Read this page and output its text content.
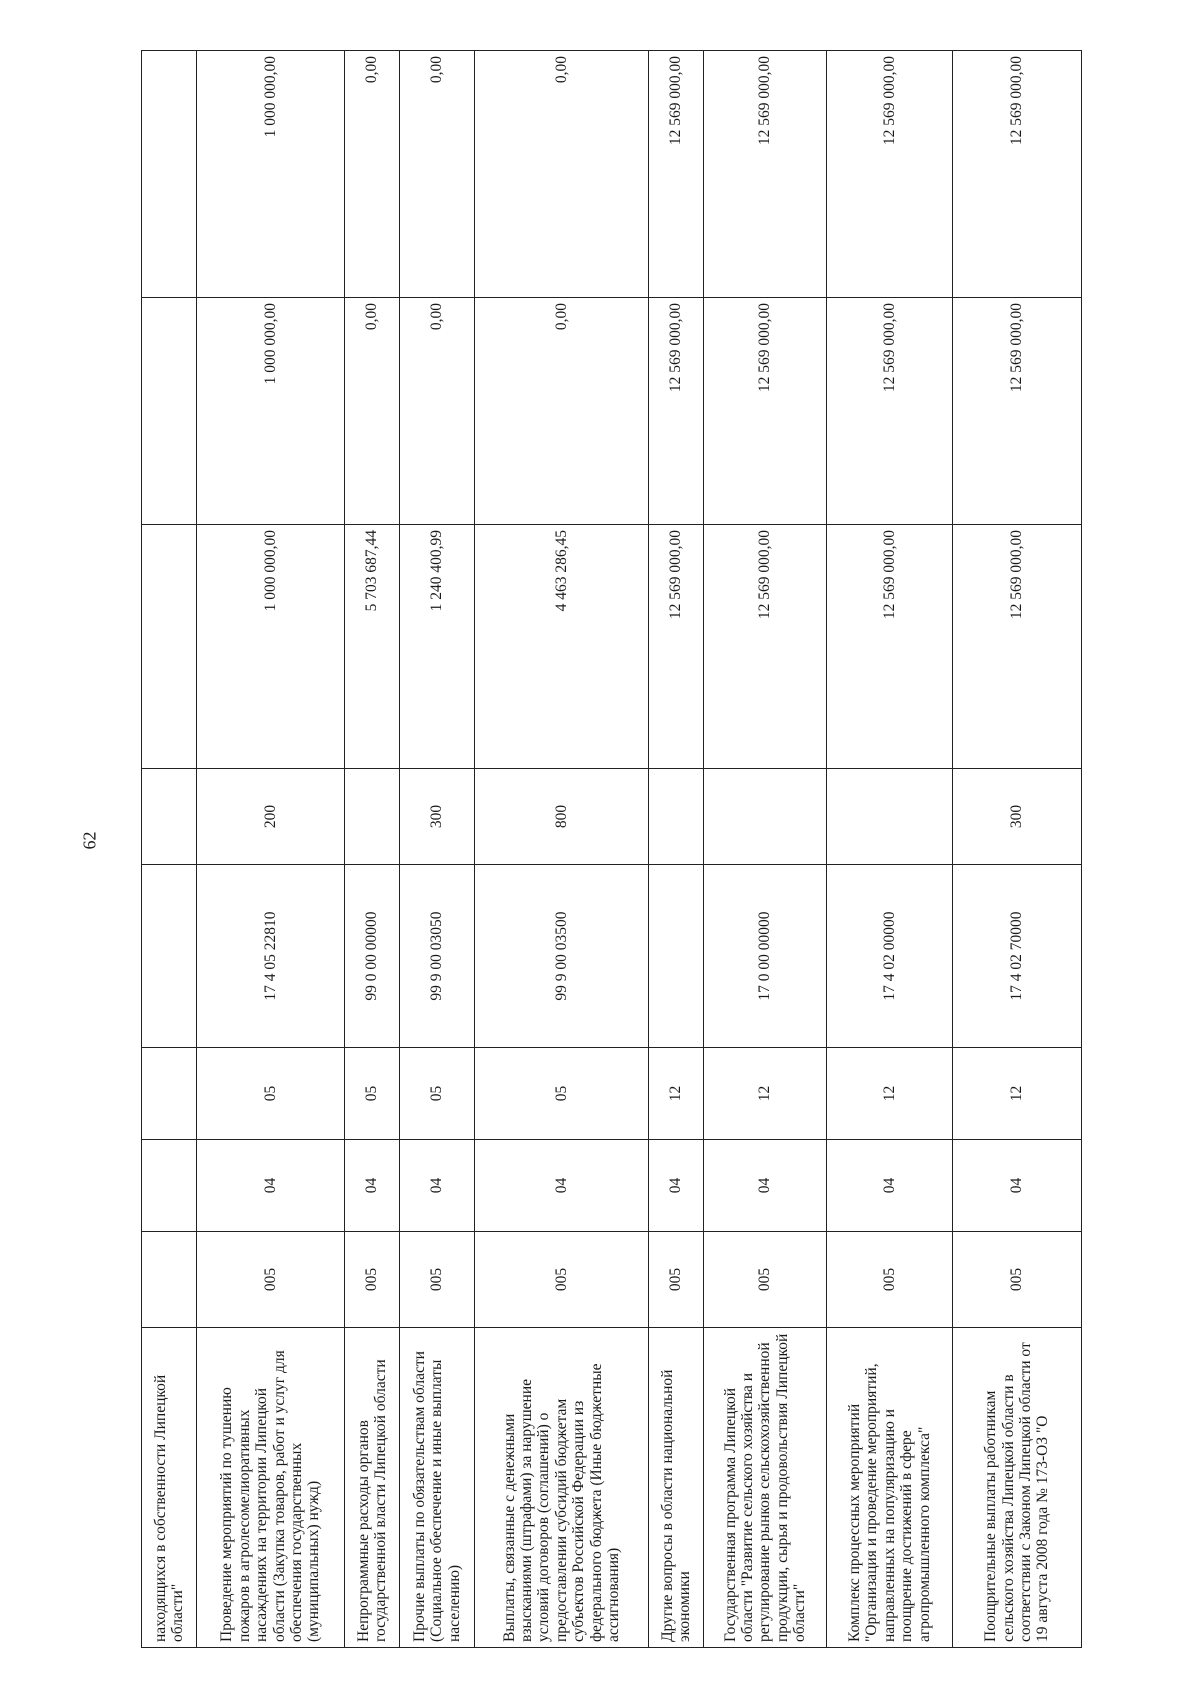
62
находящихся в собственности Липецкой области"								
Проведение мероприятий по тушению пожаров в агролесомелиоративных насаждениях на территории Липецкой области (Закупка товаров, работ и услуг для обеспечения государственных (муниципальных) нужд)	005	04	05	17 4 05 22810	200	1 000 000,00	1 000 000,00	1 000 000,00
Непрограммные расходы органов государственной власти Липецкой области	005	04	05	99 0 00 00000		5 703 687,44	0,00	0,00
Прочие выплаты по обязательствам области (Социальное обеспечение и иные выплаты населению)	005	04	05	99 9 00 03050	300	1 240 400,99	0,00	0,00
Выплаты, связанные с денежными взысканиями (штрафами) за нарушение условий договоров (соглашений) о предоставлении субсидий бюджетам субъектов Российской Федерации из федерального бюджета (Иные бюджетные ассигнования)	005	04	05	99 9 00 03500	800	4 463 286,45	0,00	0,00
Другие вопросы в области национальной экономики	005	04	12			12 569 000,00	12 569 000,00	12 569 000,00
Государственная программа Липецкой области "Развитие сельского хозяйства и регулирование рынков сельскохозяйственной продукции, сырья и продовольствия Липецкой области"	005	04	12	17 0 00 00000		12 569 000,00	12 569 000,00	12 569 000,00
Комплекс процессных мероприятий "Организация и проведение мероприятий, направленных на популяризацию и поощрение достижений в сфере агропромышленного комплекса"	005	04	12	17 4 02 00000		12 569 000,00	12 569 000,00	12 569 000,00
Поощрительные выплаты работникам сельского хозяйства Липецкой области в соответствии с Законом Липецкой области от 19 августа 2008 года № 173-ОЗ "О	005	04	12	17 4 02 70000	300	12 569 000,00	12 569 000,00	12 569 000,00
